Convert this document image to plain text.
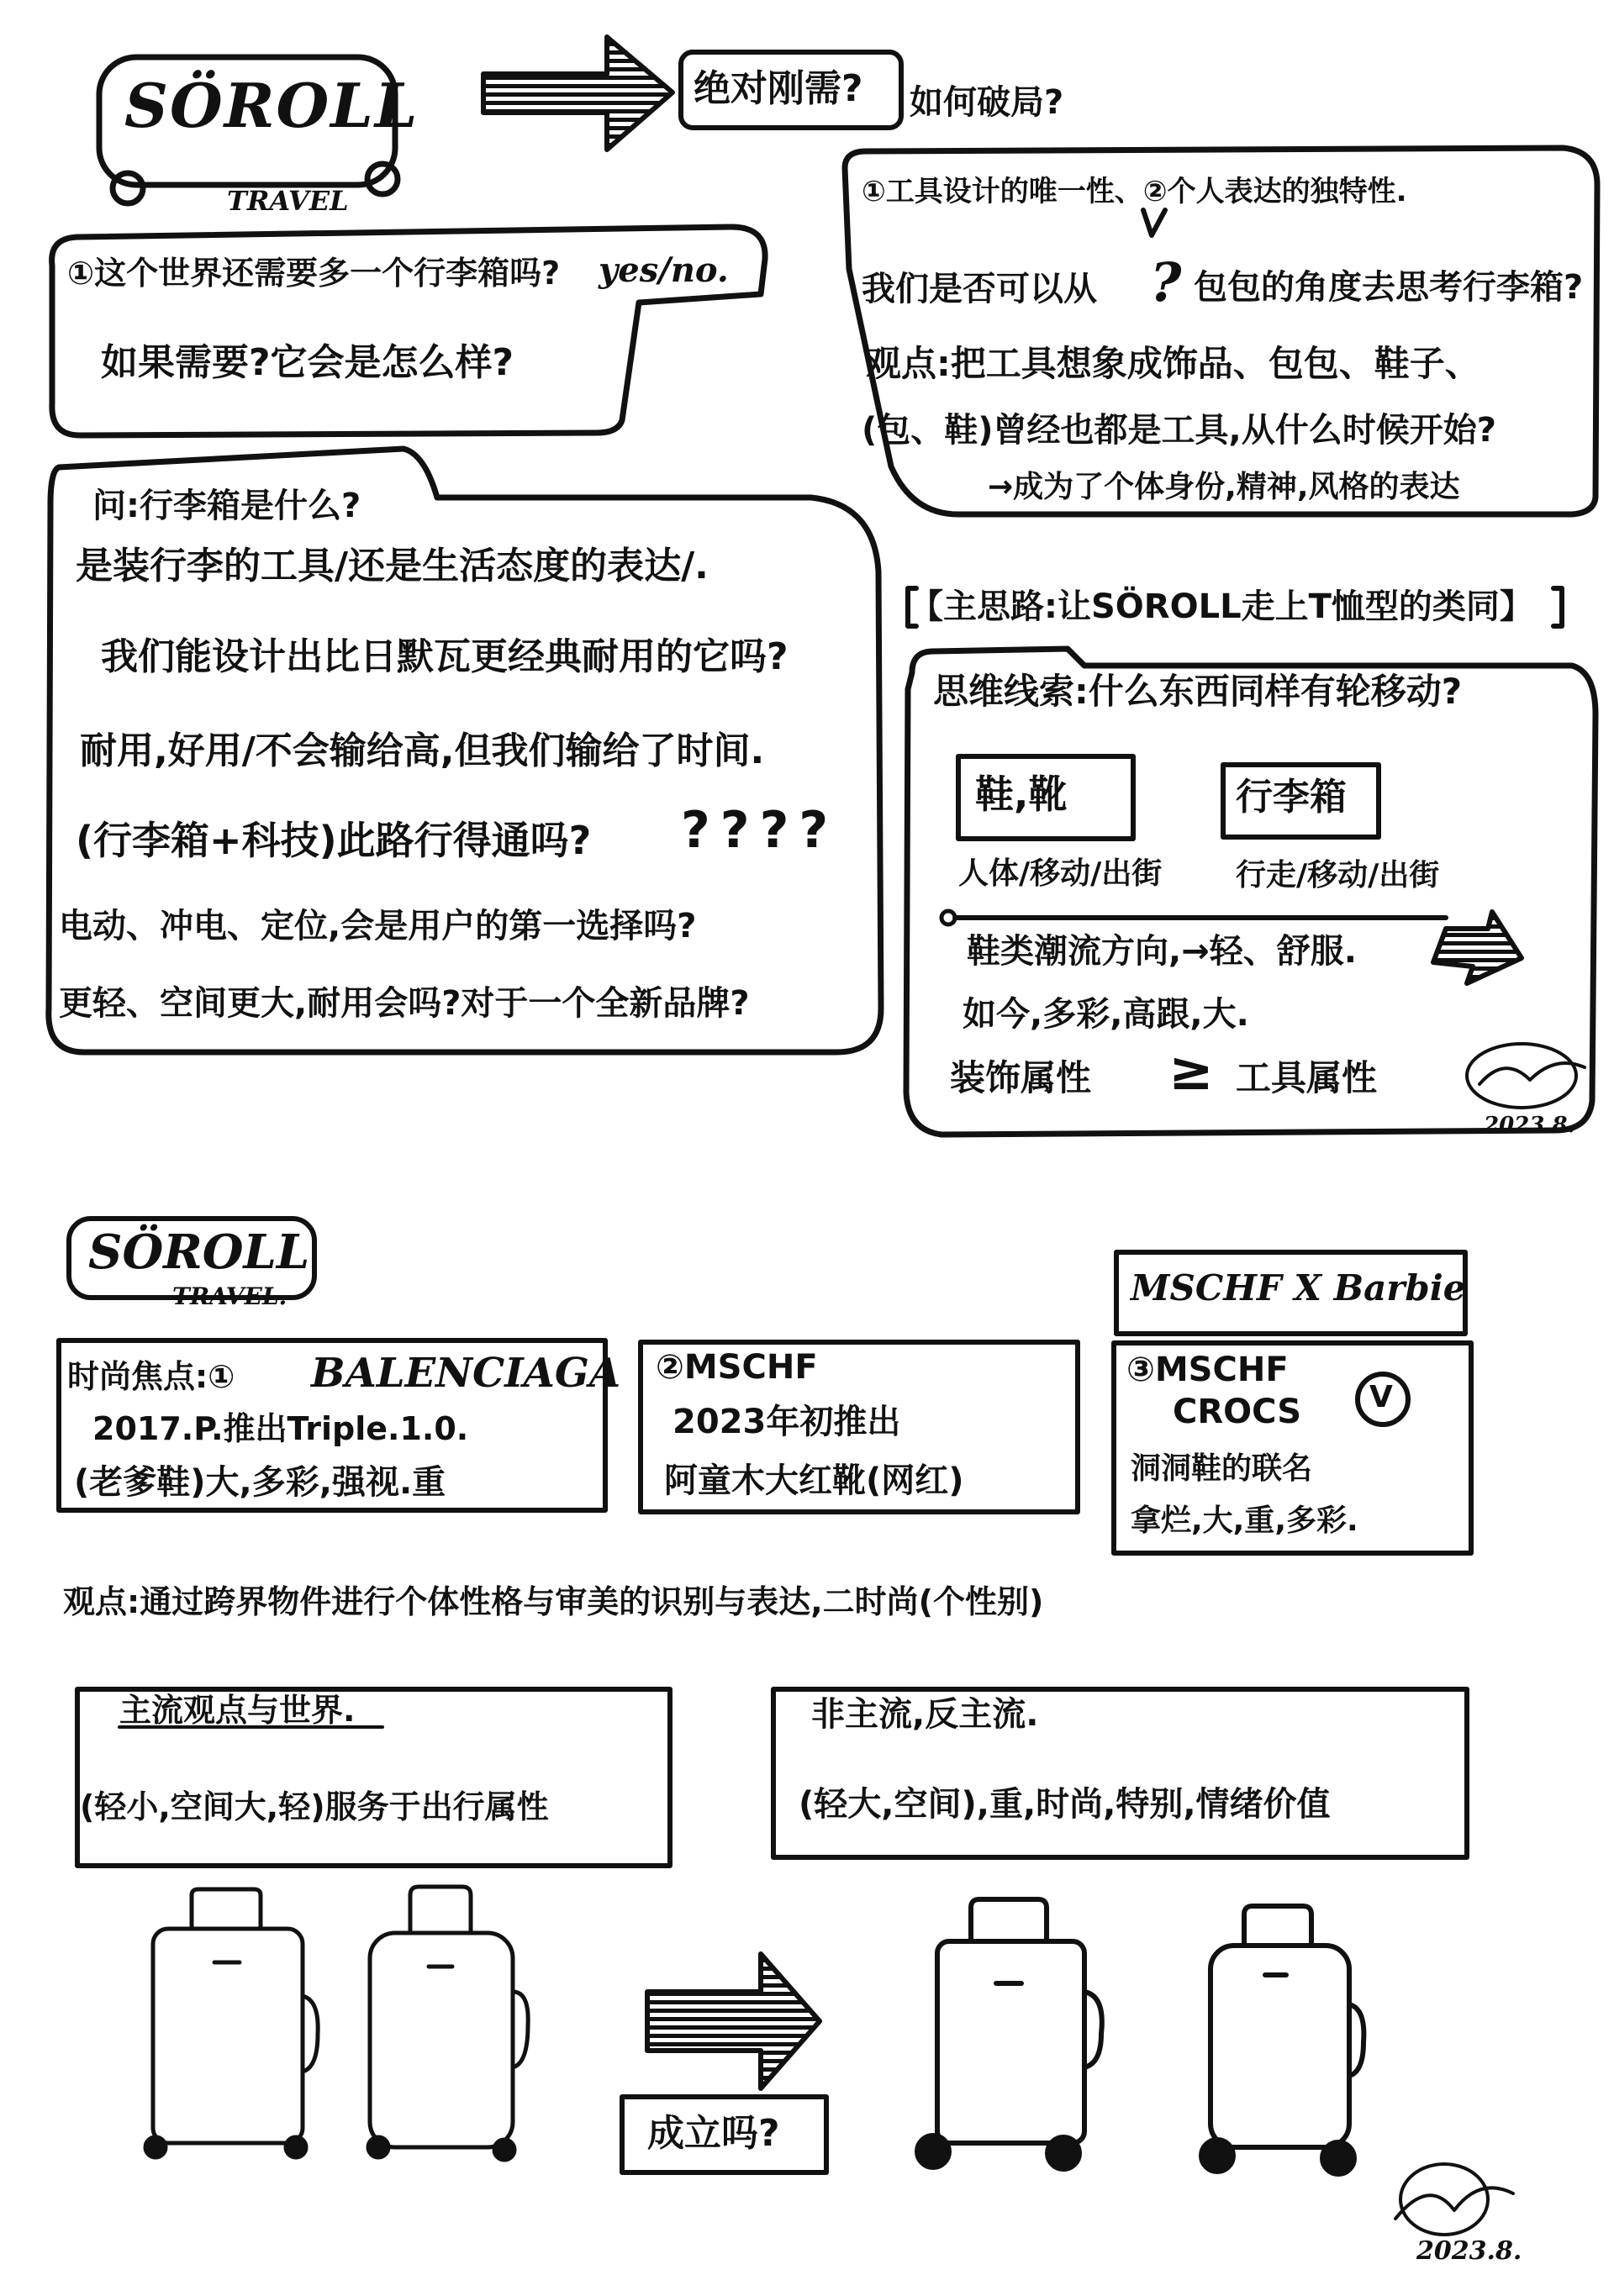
SÖROLL
TRAVEL
绝对刚需? 如何破局?
①这个世界还需要多一个行李箱吗? yes/no.
如果需要?它会是怎么样?
问:行李箱是什么?
是装行李的工具/还是生活态度的表达/.
我们能设计出比日默瓦更经典耐用的它吗?
耐用,好用/不会输给高,但我们输给了时间.
(行李箱+科技)此路行得通吗? ????
电动、冲电、定位,会是用户的第一选择吗?
更轻、空间更大,耐用会吗?对于一个全新品牌?
①工具设计的唯一性、②个人表达的独特性.
我们是否可以从 ? 包包的角度去思考行李箱?
观点:把工具想象成饰品、包包、鞋子、
(包、鞋)曾经也都是工具,从什么时候开始?
→成为了个体身份,精神,风格的表达
【主思路:让SÖROLL走上T恤型的类同】
思维线索:什么东西同样有轮移动?
鞋,靴	行李箱
人体/移动/出街 行走/移动/出街
鞋类潮流方向,→轻、舒服.
如今,多彩,高跟,大.
装饰属性 ≥ 工具属性
2023.8.
SÖROLL
TRAVEL.	MSCHF X Barbie
时尚焦点:① BALENCIAGA
2017.P.推出Triple.1.0.
(老爹鞋)大,多彩,强视.重
②MSCHF
2023年初推出
阿童木大红靴(网红)
③MSCHF
CROCS V
洞洞鞋的联名
拿烂,大,重,多彩.
观点:通过跨界物件进行个体性格与审美的识别与表达,二时尚(个性别)
主流观点与世界.
(轻小,空间大,轻)服务于出行属性
非主流,反主流.
(轻大,空间),重,时尚,特别,情绪价值
成立吗?
2023.8.
